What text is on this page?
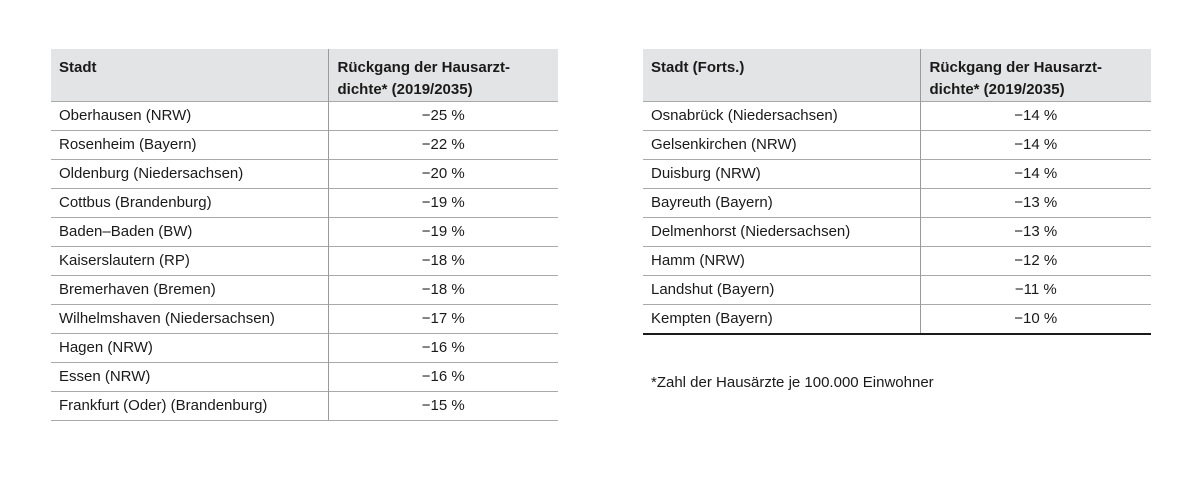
Stadt	Rückgang der Hausarzt-
dichte* (2019/2035)
Oberhausen (NRW)	−25 %
Rosenheim (Bayern)	−22 %
Oldenburg (Niedersachsen)	−20 %
Cottbus (Brandenburg)	−19 %
Baden–Baden (BW)	−19 %
Kaiserslautern (RP)	−18 %
Bremerhaven (Bremen)	−18 %
Wilhelmshaven (Niedersachsen)	−17 %
Hagen (NRW)	−16 %
Essen (NRW)	−16 %
Frankfurt (Oder) (Brandenburg)	−15 %
Stadt (Forts.)	Rückgang der Hausarzt-
dichte* (2019/2035)
Osnabrück (Niedersachsen)	−14 %
Gelsenkirchen (NRW)	−14 %
Duisburg (NRW)	−14 %
Bayreuth (Bayern)	−13 %
Delmenhorst (Niedersachsen)	−13 %
Hamm (NRW)	−12 %
Landshut (Bayern)	−11 %
Kempten (Bayern)	−10 %
*Zahl der Hausärzte je 100.000 Einwohner
